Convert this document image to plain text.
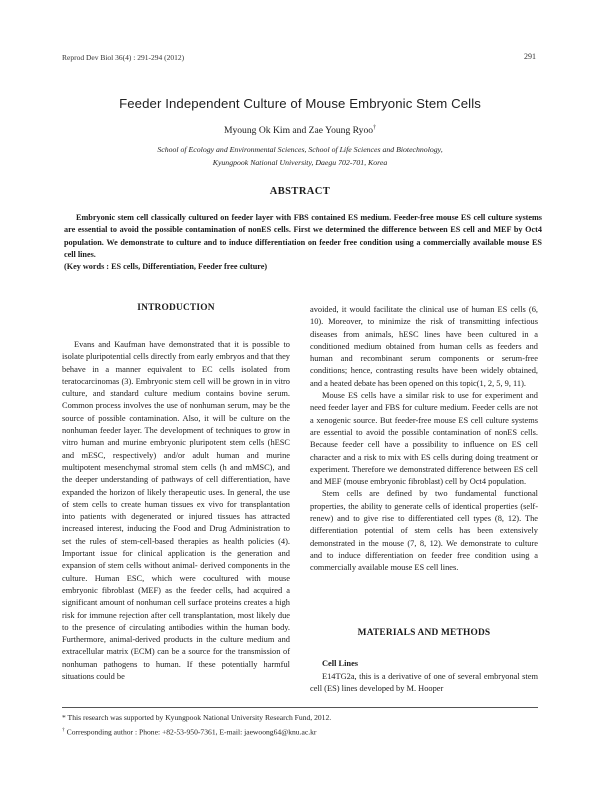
Reprod Dev Biol 36(4) : 291-294 (2012)	291
Feeder Independent Culture of Mouse Embryonic Stem Cells
Myoung Ok Kim and Zae Young Ryoo†
School of Ecology and Environmental Sciences, School of Life Sciences and Biotechnology,
Kyungpook National University, Daegu 702-701, Korea
ABSTRACT

Embryonic stem cell classically cultured on feeder layer with FBS contained ES medium. Feeder-free mouse ES cell culture systems are essential to avoid the possible contamination of nonES cells. First we determined the difference between ES cell and MEF by Oct4 population. We demonstrate to culture and to induce differentiation on feeder free condition using a commercially available mouse ES cell lines.

(Key words : ES cells, Differentiation, Feeder free culture)
INTRODUCTION

Evans and Kaufman have demonstrated that it is possible to isolate pluripotential cells directly from early embryos and that they behave in a manner equivalent to EC cells isolated from teratocarcinomas (3). Embryonic stem cell will be grown in in vitro culture, and standard culture medium contains bovine serum. Common process involves the use of nonhuman serum, may be the source of possible contamination. Also, it will be culture on the nonhuman feeder layer. The development of techniques to grow in vitro human and murine embryonic pluripotent stem cells (hESC and mESC, respectively) and/or adult human and murine multipotent mesenchymal stromal stem cells (h and mMSC), and the deeper understanding of pathways of cell differentiation, have expanded the horizon of likely therapeutic uses. In general, the use of stem cells to create human tissues ex vivo for transplantation into patients with degenerated or injured tissues has attracted increased interest, inducing the Food and Drug Administration to set the rules of stem-cell-based therapies as health policies (4). Important issue for clinical application is the generation and expansion of stem cells without animal- derived components in the culture. Human ESC, which were cocultured with mouse embryonic fibroblast (MEF) as the feeder cells, had acquired a significant amount of nonhuman cell surface proteins creates a high risk for immune rejection after cell transplantation, most likely due to the presence of circulating antibodies within the human body. Furthermore, animal-derived products in the culture medium and extracellular matrix (ECM) can be a source for the transmission of nonhuman pathogens to human. If these potentially harmful situations could be

avoided, it would facilitate the clinical use of human ES cells (6, 10). Moreover, to minimize the risk of transmitting infectious diseases from animals, hESC lines have been cultured in a conditioned medium obtained from human cells as feeders and human and recombinant serum components or serum-free conditions; hence, contrasting results have been widely obtained, and a heated debate has been opened on this topic(1, 2, 5, 9, 11).

Mouse ES cells have a similar risk to use for experiment and need feeder layer and FBS for culture medium. Feeder cells are not a xenogenic source. But feeder-free mouse ES cell culture systems are essential to avoid the possible contamination of nonES cells. Because feeder cell have a possibility to influence on ES cell character and a risk to mix with ES cells during doing treatment or experiment. Therefore we demonstrated difference between ES cell and MEF (mouse embryonic fibroblast) cell by Oct4 population.

Stem cells are defined by two fundamental functional properties, the ability to generate cells of identical properties (self-renew) and to give rise to differentiated cell types (8, 12). The differentiation potential of stem cells has been extensively demonstrated in the mouse (7, 8, 12). We demonstrate to culture and to induce differentiation on feeder free condition using a commercially available mouse ES cell lines.

MATERIALS AND METHODS
Cell Lines

E14TG2a, this is a derivative of one of several embryonal stem cell (ES) lines developed by M. Hooper

* This research was supported by Kyungpook National University Research Fund, 2012.
† Corresponding author : Phone: +82-53-950-7361, E-mail: jaewoong64@knu.ac.kr
